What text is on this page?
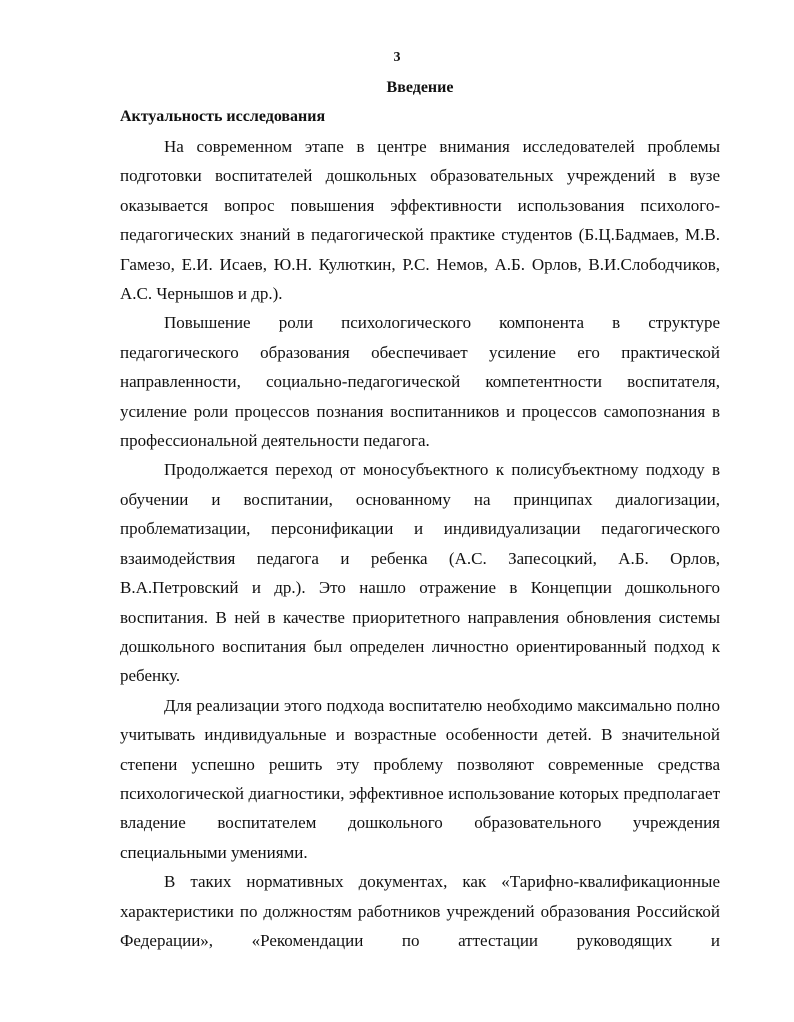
3
Введение
Актуальность исследования

На современном этапе в центре внимания исследователей проблемы подготовки воспитателей дошкольных образовательных учреждений в вузе оказывается вопрос повышения эффективности использования психолого-педагогических знаний в педагогической практике студентов (Б.Ц.Бадмаев, М.В. Гамезо, Е.И. Исаев, Ю.Н. Кулюткин, Р.С. Немов, А.Б. Орлов, В.И.Слободчиков, А.С. Чернышов и др.).

Повышение роли психологического компонента в структуре педагогического образования обеспечивает усиление его практической направленности, социально-педагогической компетентности воспитателя, усиление роли процессов познания воспитанников и процессов самопознания в профессиональной деятельности педагога.

Продолжается переход от моносубъектного к полисубъектному подходу в обучении и воспитании, основанному на принципах диалогизации, проблематизации, персонификации и индивидуализации педагогического взаимодействия педагога и ребенка (А.С. Запесоцкий, А.Б. Орлов, В.А.Петровский и др.). Это нашло отражение в Концепции дошкольного воспитания. В ней в качестве приоритетного направления обновления системы дошкольного воспитания был определен личностно ориентированный подход к ребенку.

Для реализации этого подхода воспитателю необходимо максимально полно учитывать индивидуальные и возрастные особенности детей. В значительной степени успешно решить эту проблему позволяют современные средства психологической диагностики, эффективное использование которых предполагает владение воспитателем дошкольного образовательного учреждения специальными умениями.

В таких нормативных документах, как «Тарифно-квалификационные характеристики по должностям работников учреждений образования Российской Федерации», «Рекомендации по аттестации руководящих и
